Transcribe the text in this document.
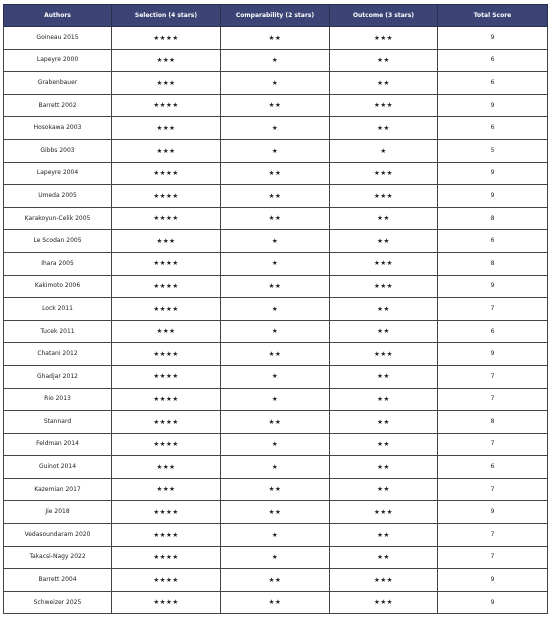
Authors	Selection (4 stars)	Comparability (2 stars)	Outcome (3 stars)	Total Score
Goineau 2015	★★★★	★★	★★★	9
Lapeyre 2000	★★★	★	★★	6
Grabenbauer	★★★	★	★★	6
Barrett 2002	★★★★	★★	★★★	9
Hosokawa 2003	★★★	★	★★	6
Gibbs 2003	★★★	★	★	5
Lapeyre 2004	★★★★	★★	★★★	9
Umeda 2005	★★★★	★★	★★★	9
Karakoyun-Celik 2005	★★★★	★★	★★	8
Le Scodan 2005	★★★	★	★★	6
Ihara 2005	★★★★	★	★★★	8
Kakimoto 2006	★★★★	★★	★★★	9
Lock 2011	★★★★	★	★★	7
Tucek 2011	★★★	★	★★	6
Chatani 2012	★★★★	★★	★★★	9
Ghadjar 2012	★★★★	★	★★	7
Rio 2013	★★★★	★	★★	7
Stannard	★★★★	★★	★★	8
Feldman 2014	★★★★	★	★★	7
Guinot 2014	★★★	★	★★	6
Kazemian 2017	★★★	★★	★★	7
Jie 2018	★★★★	★★	★★★	9
Vedasoundaram 2020	★★★★	★	★★	7
Takacsi-Nagy 2022	★★★★	★	★★	7
Barrett 2004	★★★★	★★	★★★	9
Schweizer 2025	★★★★	★★	★★★	9
